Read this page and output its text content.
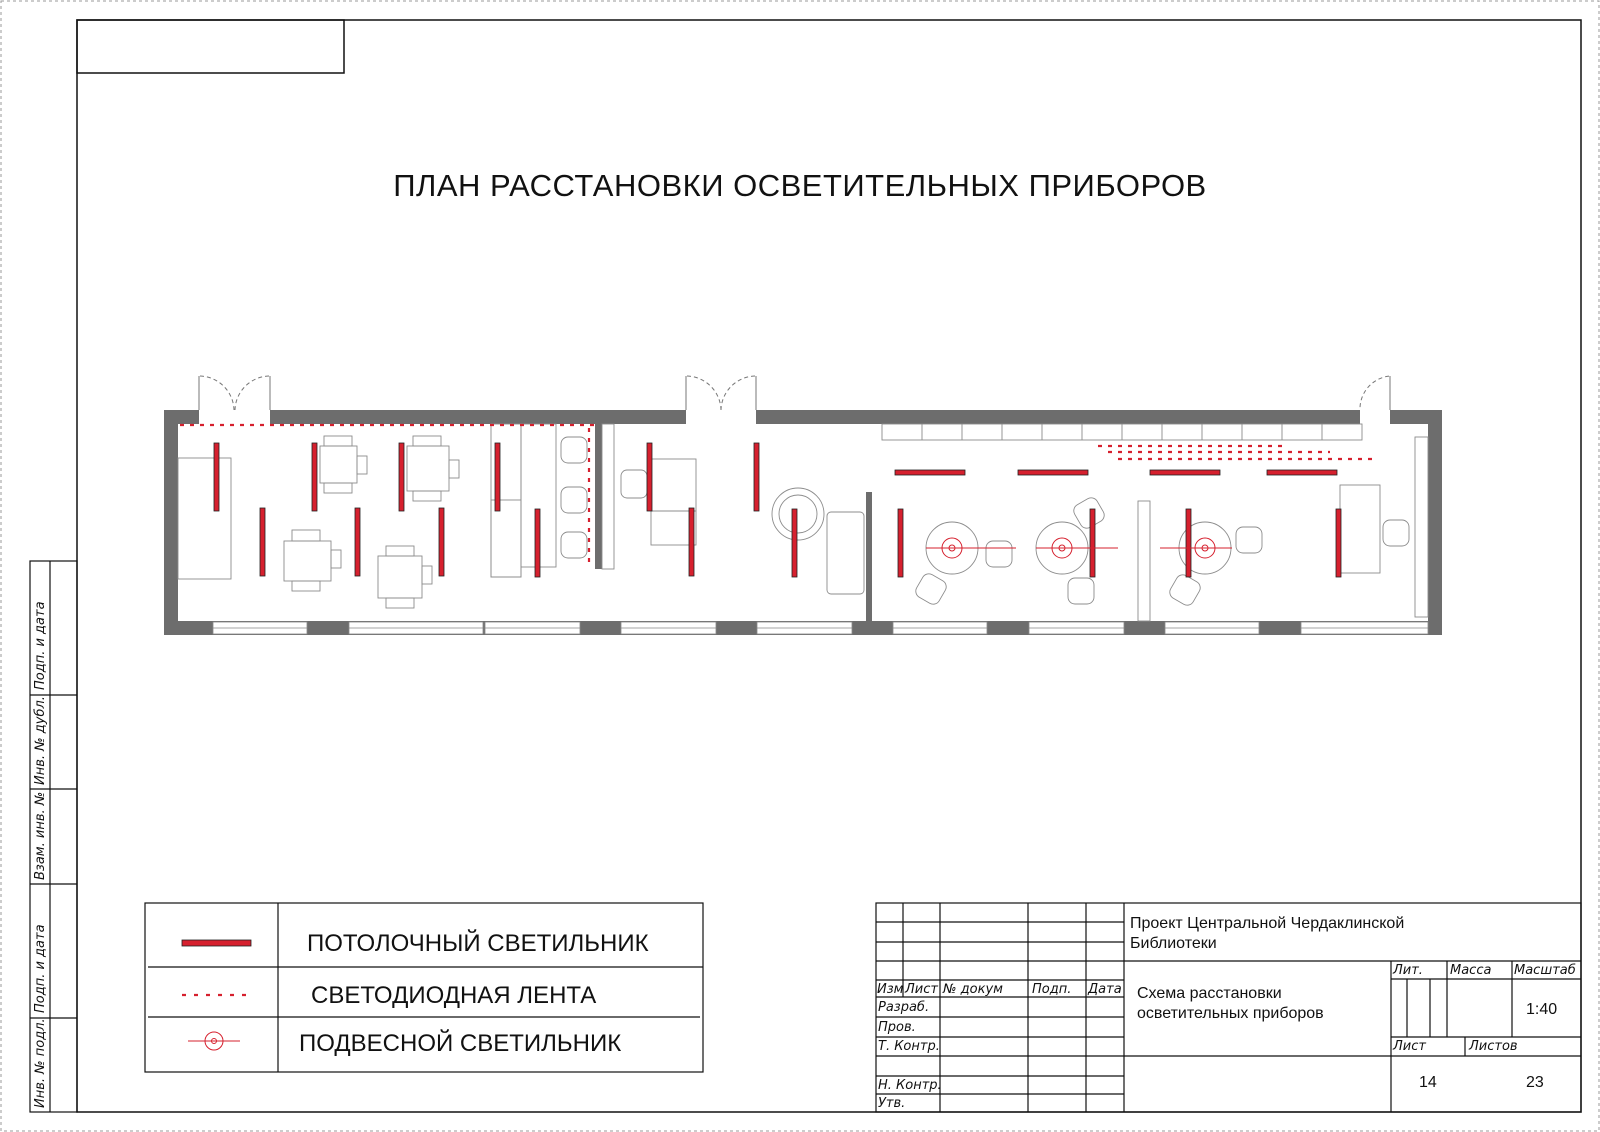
ПЛАН РАССТАНОВКИ ОСВЕТИТЕЛЬНЫХ ПРИБОРОВ
ПОТОЛОЧНЫЙ СВЕТИЛЬНИК
СВЕТОДИОДНАЯ ЛЕНТА
ПОДВЕСНОЙ СВЕТИЛЬНИК
Подп. и дата
Инв. № дубл.
Взам. инв. №
Подп. и дата
Инв. № подл.
Изм Лист № докум Подп. Дата
Разраб.
Пров.
Т. Контр.
Н. Контр.
Утв.
Проект Центральной Чердаклинской Библиотеки
Схема расстановки осветительных приборов
Лит. Масса Масштаб
1:40
Лист	Листов
14	23
